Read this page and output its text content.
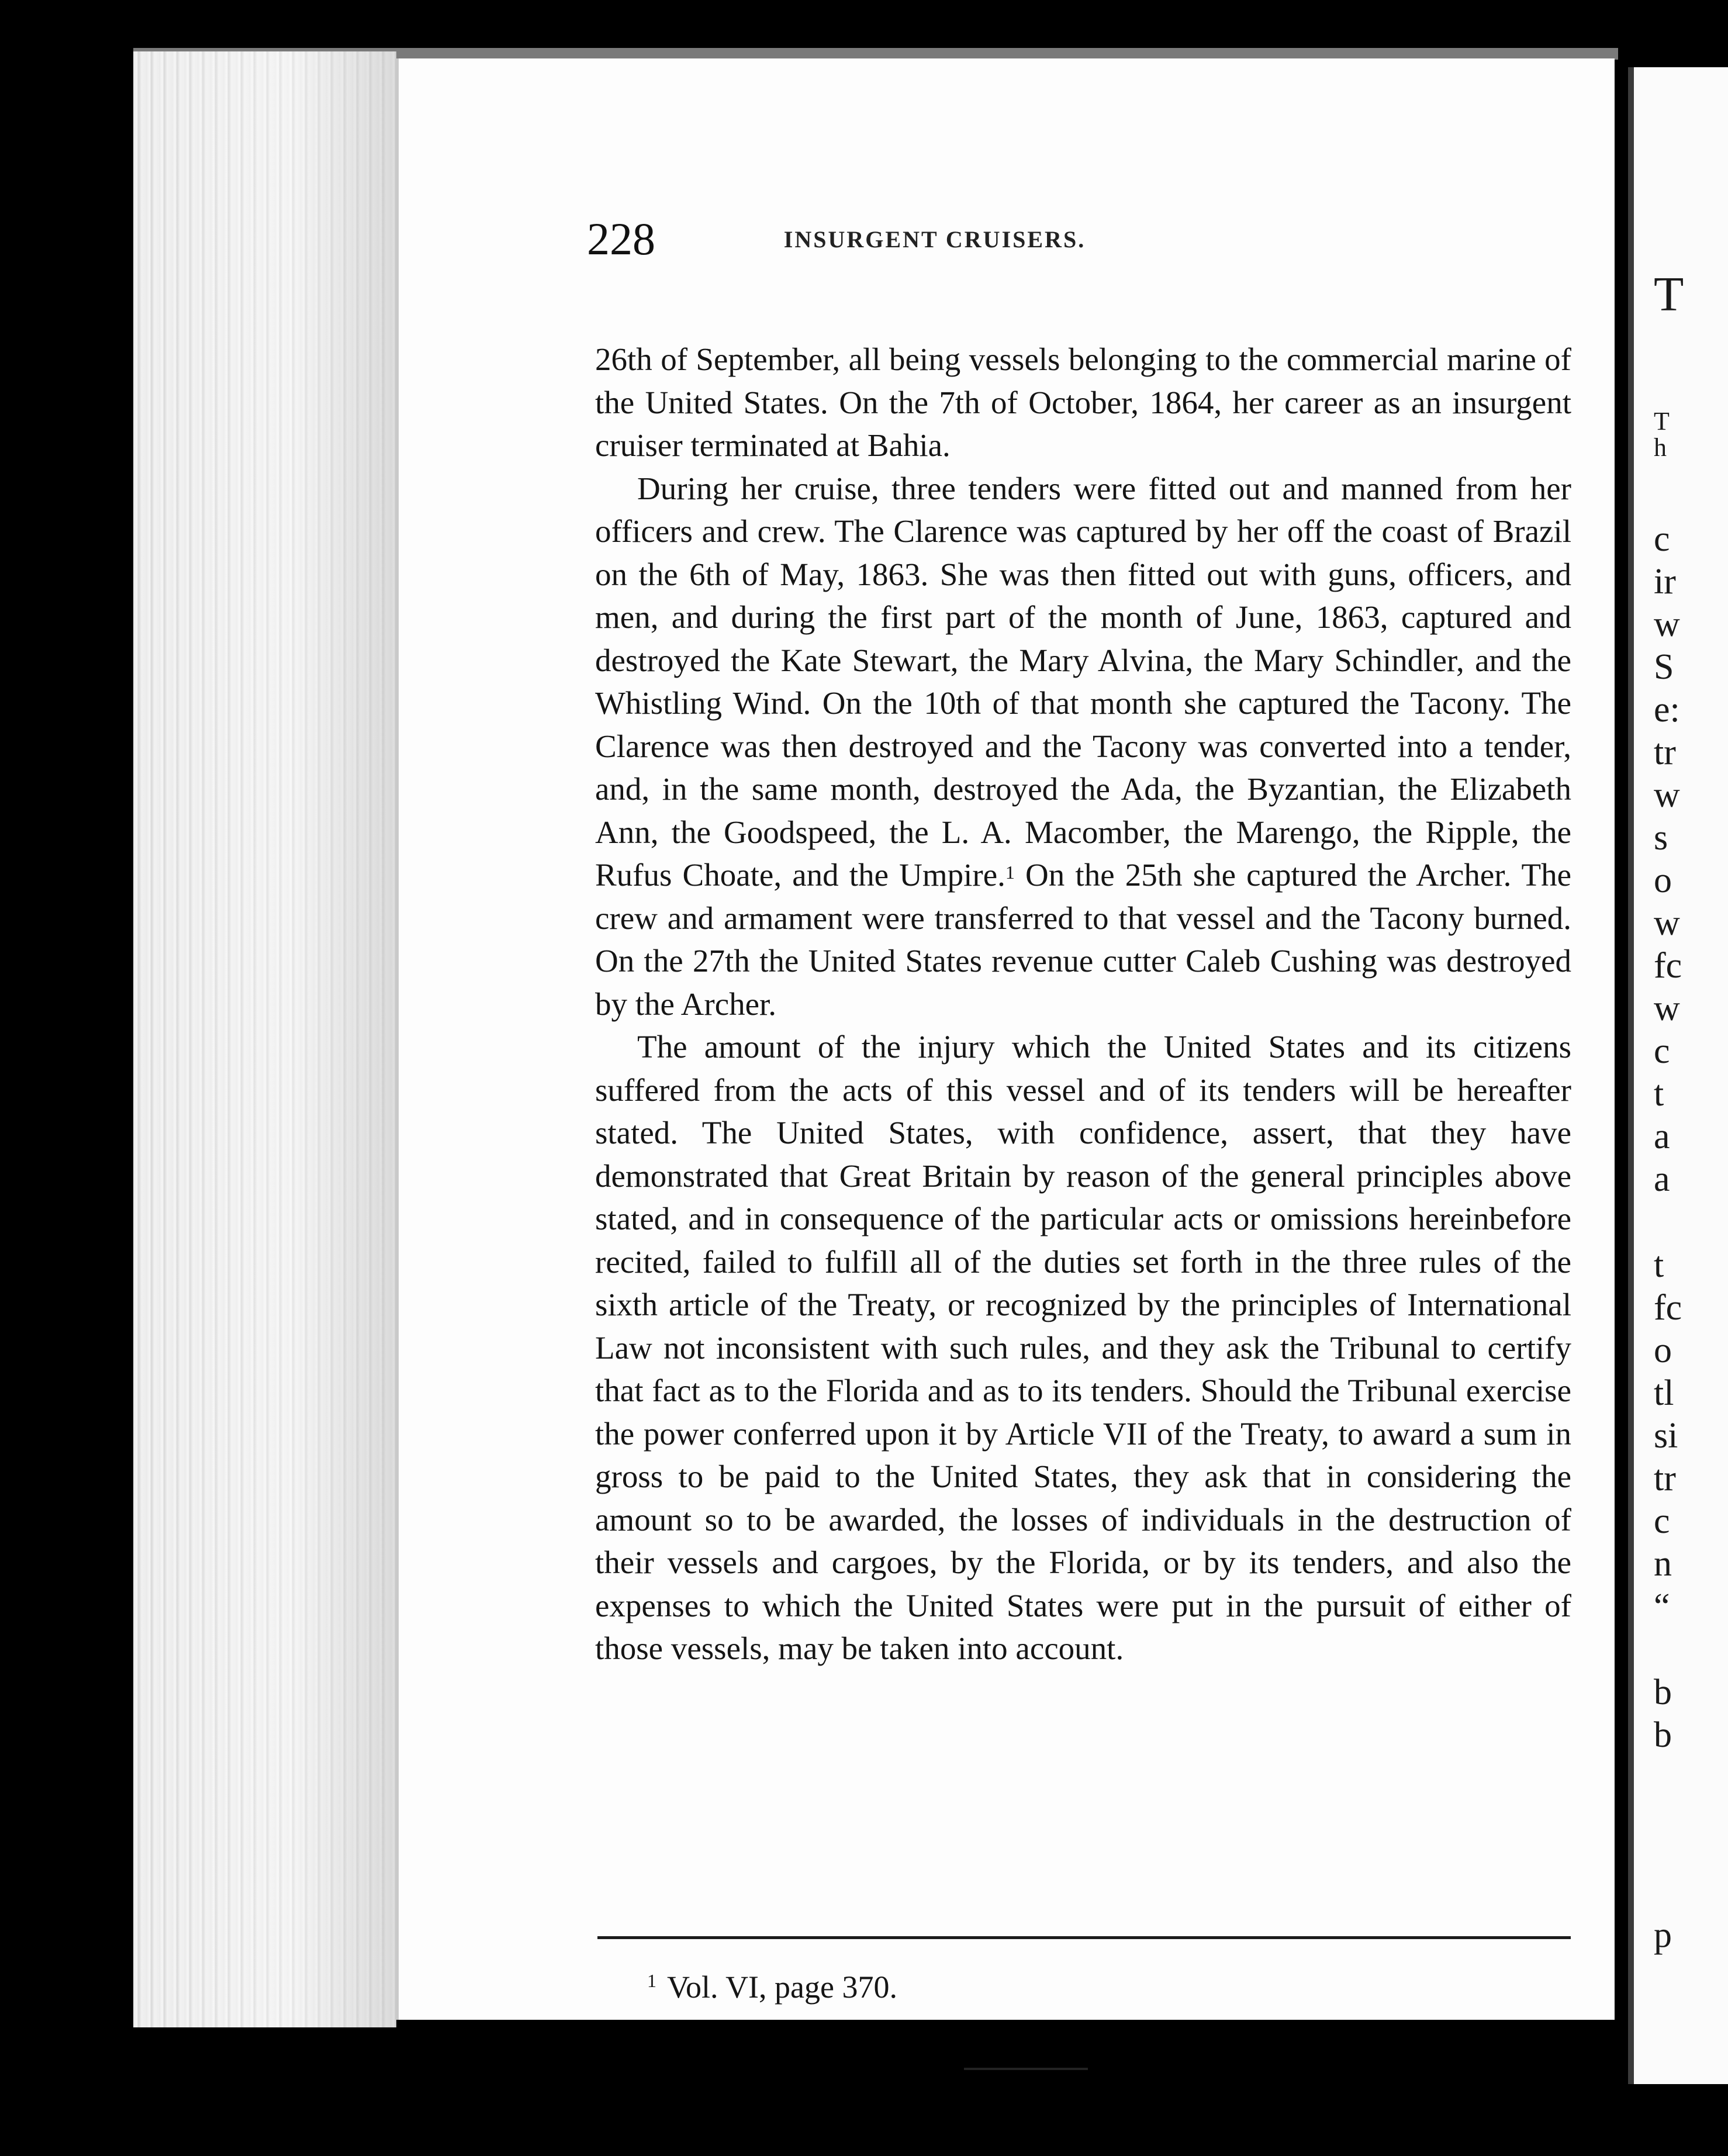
T
T
h
c
ir
w
S
e:
tr
w
s
o
w
fc
w
c
t
a
a
t
fc
o
tl
si
tr
c
n
“
b
b
p
228	INSURGENT CRUISERS.

26th of September, all being vessels belonging to the commercial marine of the United States. On the 7th of October, 1864, her career as an insurgent cruiser terminated at Bahia.

During her cruise, three tenders were fitted out and manned from her officers and crew. The Clarence was captured by her off the coast of Brazil on the 6th of May, 1863. She was then fitted out with guns, officers, and men, and during the first part of the month of June, 1863, captured and destroyed the Kate Stewart, the Mary Alvina, the Mary Schindler, and the Whistling Wind. On the 10th of that month she captured the Tacony. The Clarence was then destroyed and the Tacony was converted into a tender, and, in the same month, destroyed the Ada, the Byzantian, the Elizabeth Ann, the Goodspeed, the L. A. Macomber, the Marengo, the Ripple, the Rufus Choate, and the Umpire.$^1$ On the 25th she captured the Archer. The crew and armament were transferred to that vessel and the Tacony burned. On the 27th the United States revenue cutter Caleb Cushing was destroyed by the Archer.

The amount of the injury which the United States and its citizens suffered from the acts of this vessel and of its tenders will be hereafter stated. The United States, with confidence, assert, that they have demonstrated that Great Britain by reason of the general principles above stated, and in consequence of the particular acts or omissions hereinbefore recited, failed to fulfill all of the duties set forth in the three rules of the sixth article of the Treaty, or recognized by the principles of International Law not inconsistent with such rules, and they ask the Tribunal to certify that fact as to the Florida and as to its tenders. Should the Tribunal exercise the power conferred upon it by Article VII of the Treaty, to award a sum in gross to be paid to the United States, they ask that in considering the amount so to be awarded, the losses of individuals in the destruction of their vessels and cargoes, by the Florida, or by its tenders, and also the expenses to which the United States were put in the pursuit of either of those vessels, may be taken into account.

$^1$ Vol. VI, page 370.
